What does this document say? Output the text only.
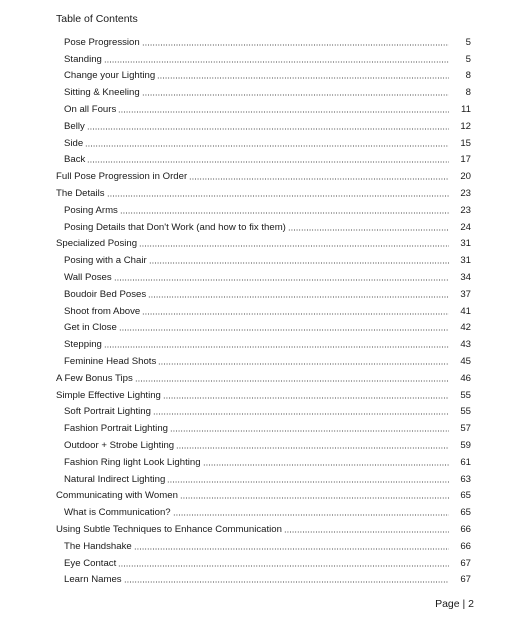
Table of Contents
Pose Progression	5
Standing	5
Change your Lighting	8
Sitting & Kneeling	8
On all Fours	11
Belly	12
Side	15
Back	17
Full Pose Progression in Order	20
The Details	23
Posing Arms	23
Posing Details that Don't Work (and how to fix them)	24
Specialized Posing	31
Posing with a Chair	31
Wall Poses	34
Boudoir Bed Poses	37
Shoot from Above	41
Get in Close	42
Stepping	43
Feminine Head Shots	45
A Few Bonus Tips	46
Simple Effective Lighting	55
Soft Portrait Lighting	55
Fashion Portrait Lighting	57
Outdoor + Strobe Lighting	59
Fashion Ring light Look Lighting	61
Natural Indirect Lighting	63
Communicating with Women	65
What is Communication?	65
Using Subtle Techniques to Enhance Communication	66
The Handshake	66
Eye Contact	67
Learn Names	67
Page | 2
